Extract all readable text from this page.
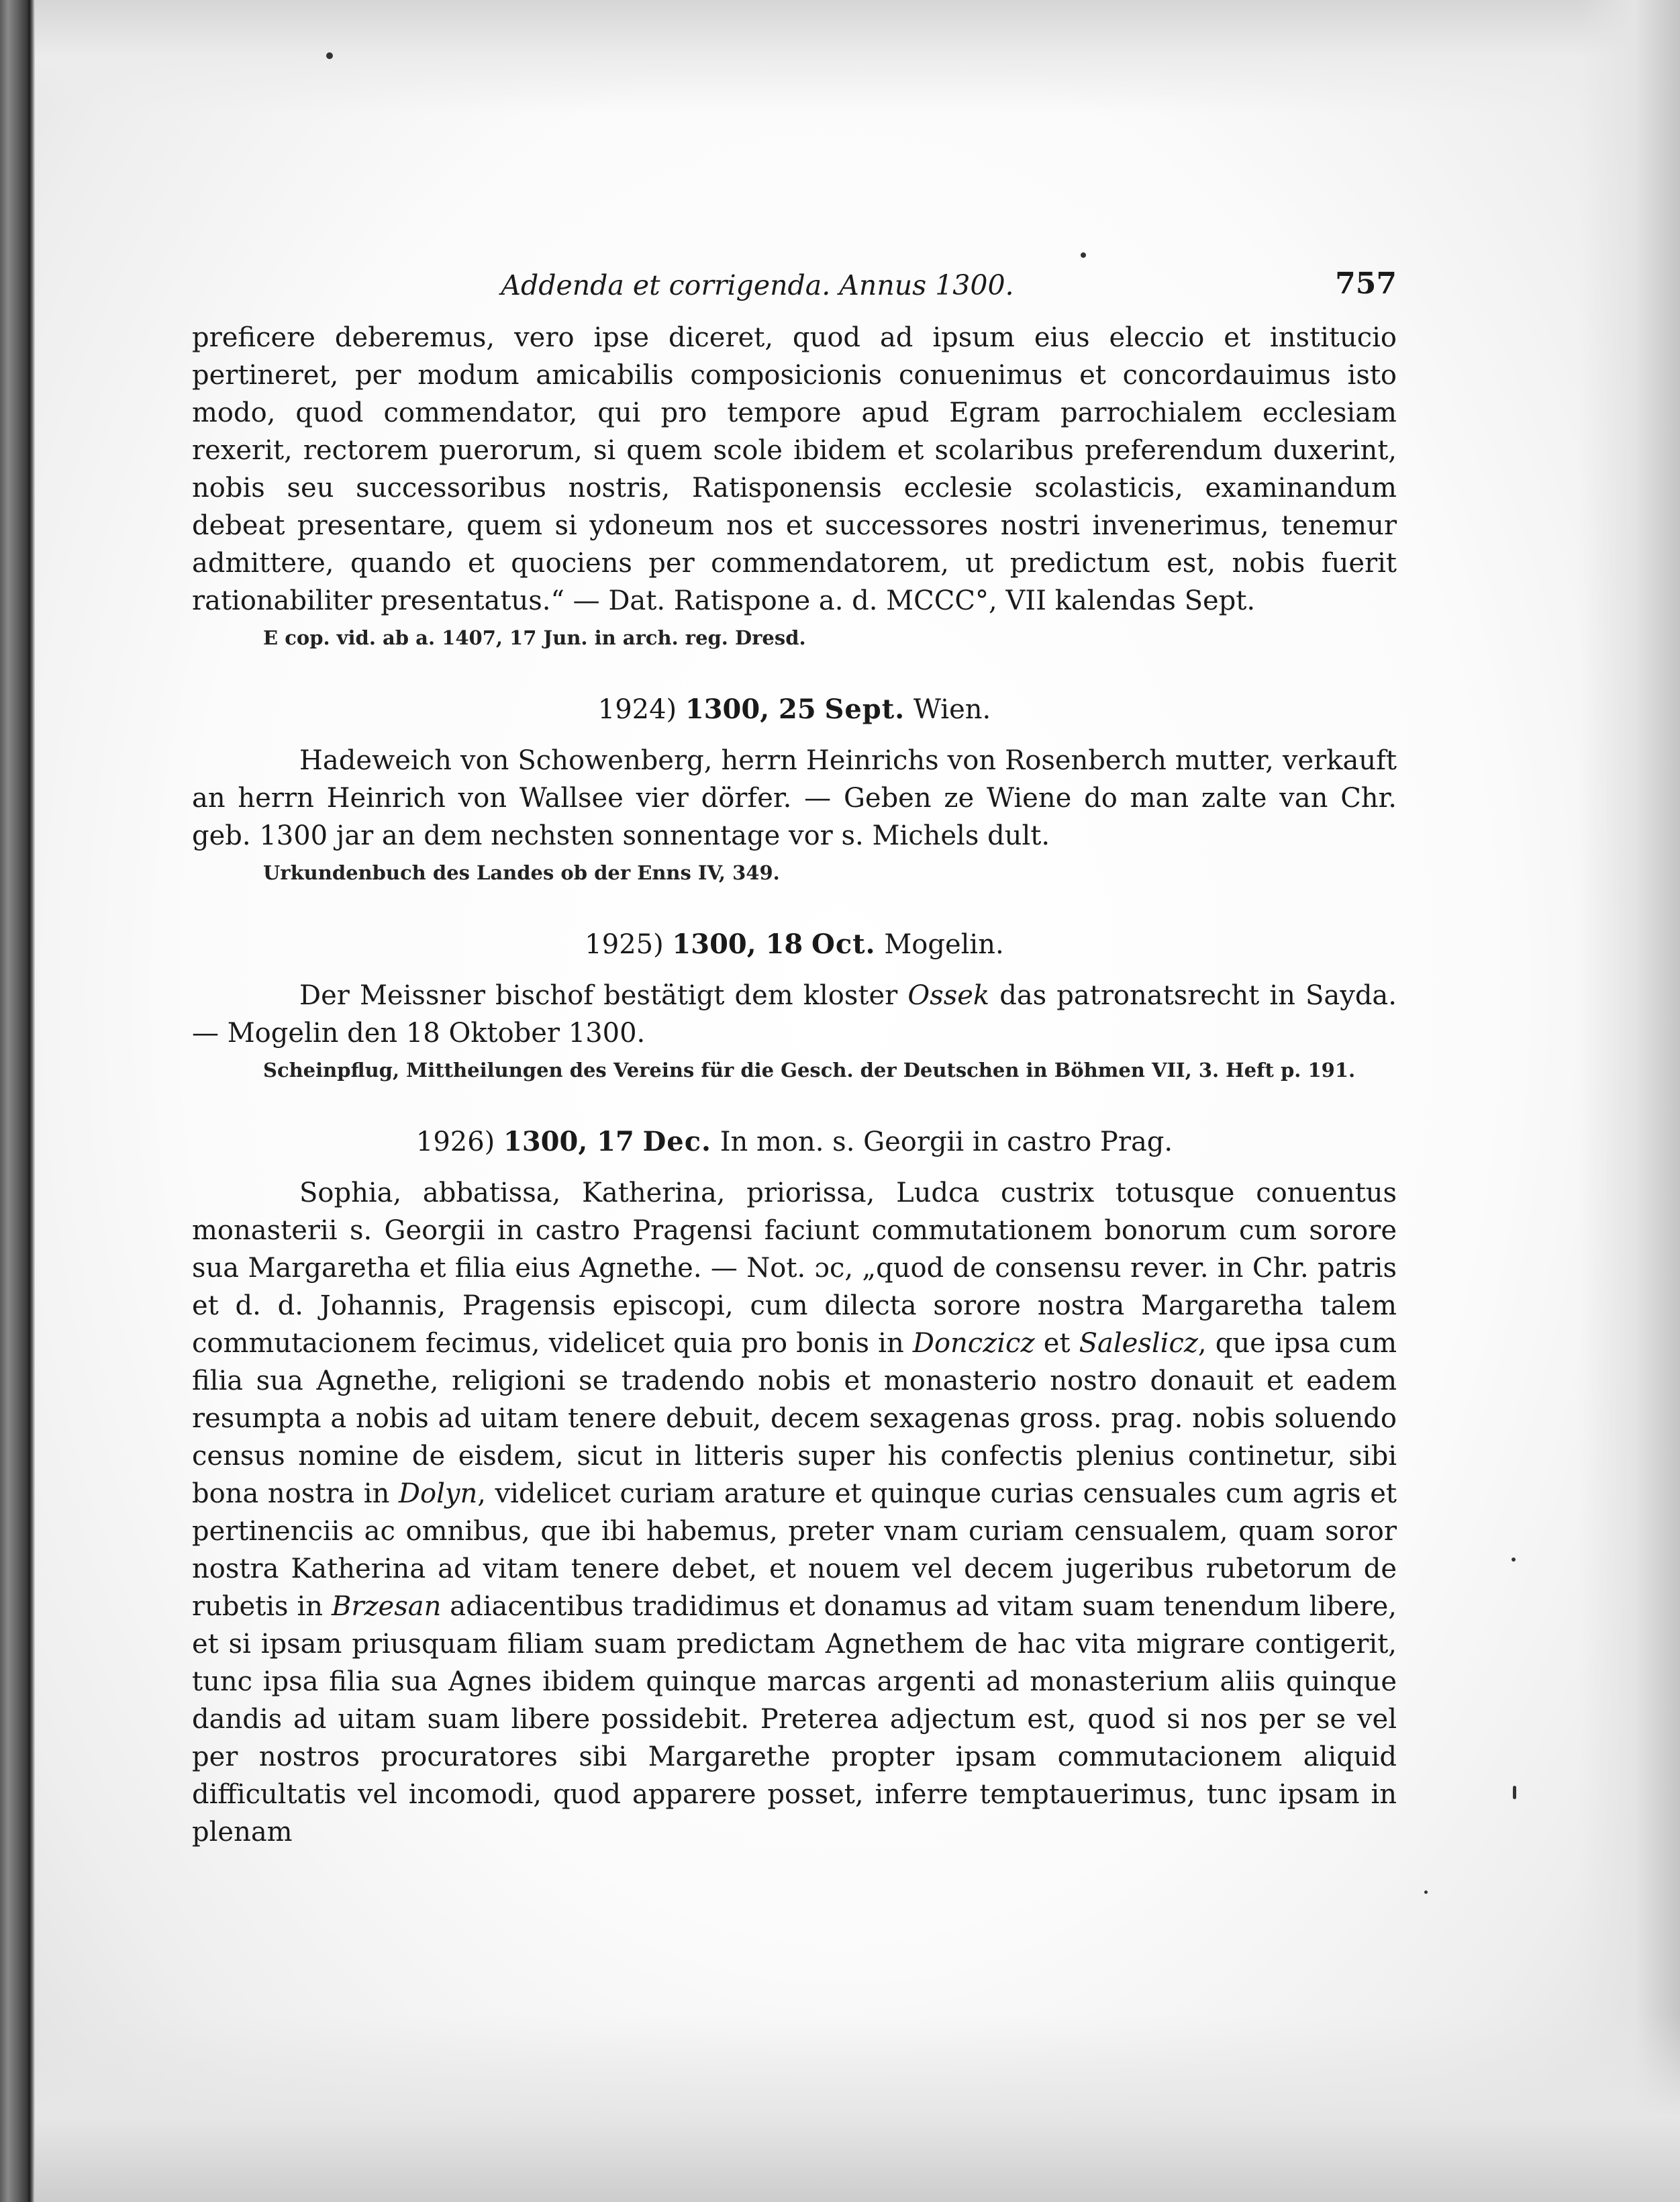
Addenda et corrigenda. Annus 1300.	757

preficere deberemus, vero ipse diceret, quod ad ipsum eius eleccio et institucio pertineret, per modum amicabilis composicionis conuenimus et concordauimus isto modo, quod commendator, qui pro tempore apud Egram parrochialem ecclesiam rexerit, rectorem puerorum, si quem scole ibidem et scolaribus preferendum duxerint, nobis seu successoribus nostris, Ratisponensis ecclesie scolasticis, examinandum debeat presentare, quem si ydoneum nos et successores nostri invenerimus, tenemur admittere, quando et quociens per commendatorem, ut predictum est, nobis fuerit rationabiliter presentatus.“ — Dat. Ratispone a. d. MCCC°, VII kalendas Sept.

E cop. vid. ab a. 1407, 17 Jun. in arch. reg. Dresd.
1924) 1300, 25 Sept. Wien.

Hadeweich von Schowenberg, herrn Heinrichs von Rosenberch mutter, verkauft an herrn Heinrich von Wallsee vier dörfer. — Geben ze Wiene do man zalte van Chr. geb. 1300 jar an dem nechsten sonnentage vor s. Michels dult.

Urkundenbuch des Landes ob der Enns IV, 349.
1925) 1300, 18 Oct. Mogelin.

Der Meissner bischof bestätigt dem kloster Ossek das patronatsrecht in Sayda. — Mogelin den 18 Oktober 1300.

Scheinpflug, Mittheilungen des Vereins für die Gesch. der Deutschen in Böhmen VII, 3. Heft p. 191.
1926) 1300, 17 Dec. In mon. s. Georgii in castro Prag.

Sophia, abbatissa, Katherina, priorissa, Ludca custrix totusque conuentus monasterii s. Georgii in castro Pragensi faciunt commutationem bonorum cum sorore sua Margaretha et filia eius Agnethe. — Not. ɔc, „quod de consensu rever. in Chr. patris et d. d. Johannis, Pragensis episcopi, cum dilecta sorore nostra Margaretha talem commutacionem fecimus, videlicet quia pro bonis in Donczicz et Saleslicz, que ipsa cum filia sua Agnethe, religioni se tradendo nobis et monasterio nostro donauit et eadem resumpta a nobis ad uitam tenere debuit, decem sexagenas gross. prag. nobis soluendo census nomine de eisdem, sicut in litteris super his confectis plenius continetur, sibi bona nostra in Dolyn, videlicet curiam arature et quinque curias censuales cum agris et pertinenciis ac omnibus, que ibi habemus, preter vnam curiam censualem, quam soror nostra Katherina ad vitam tenere debet, et nouem vel decem jugeribus rubetorum de rubetis in Brzesan adiacentibus tradidimus et donamus ad vitam suam tenendum libere, et si ipsam priusquam filiam suam predictam Agnethem de hac vita migrare contigerit, tunc ipsa filia sua Agnes ibidem quinque marcas argenti ad monasterium aliis quinque dandis ad uitam suam libere possidebit. Preterea adjectum est, quod si nos per se vel per nostros procuratores sibi Margarethe propter ipsam commutacionem aliquid difficultatis vel incomodi, quod apparere posset, inferre temptauerimus, tunc ipsam in plenam
